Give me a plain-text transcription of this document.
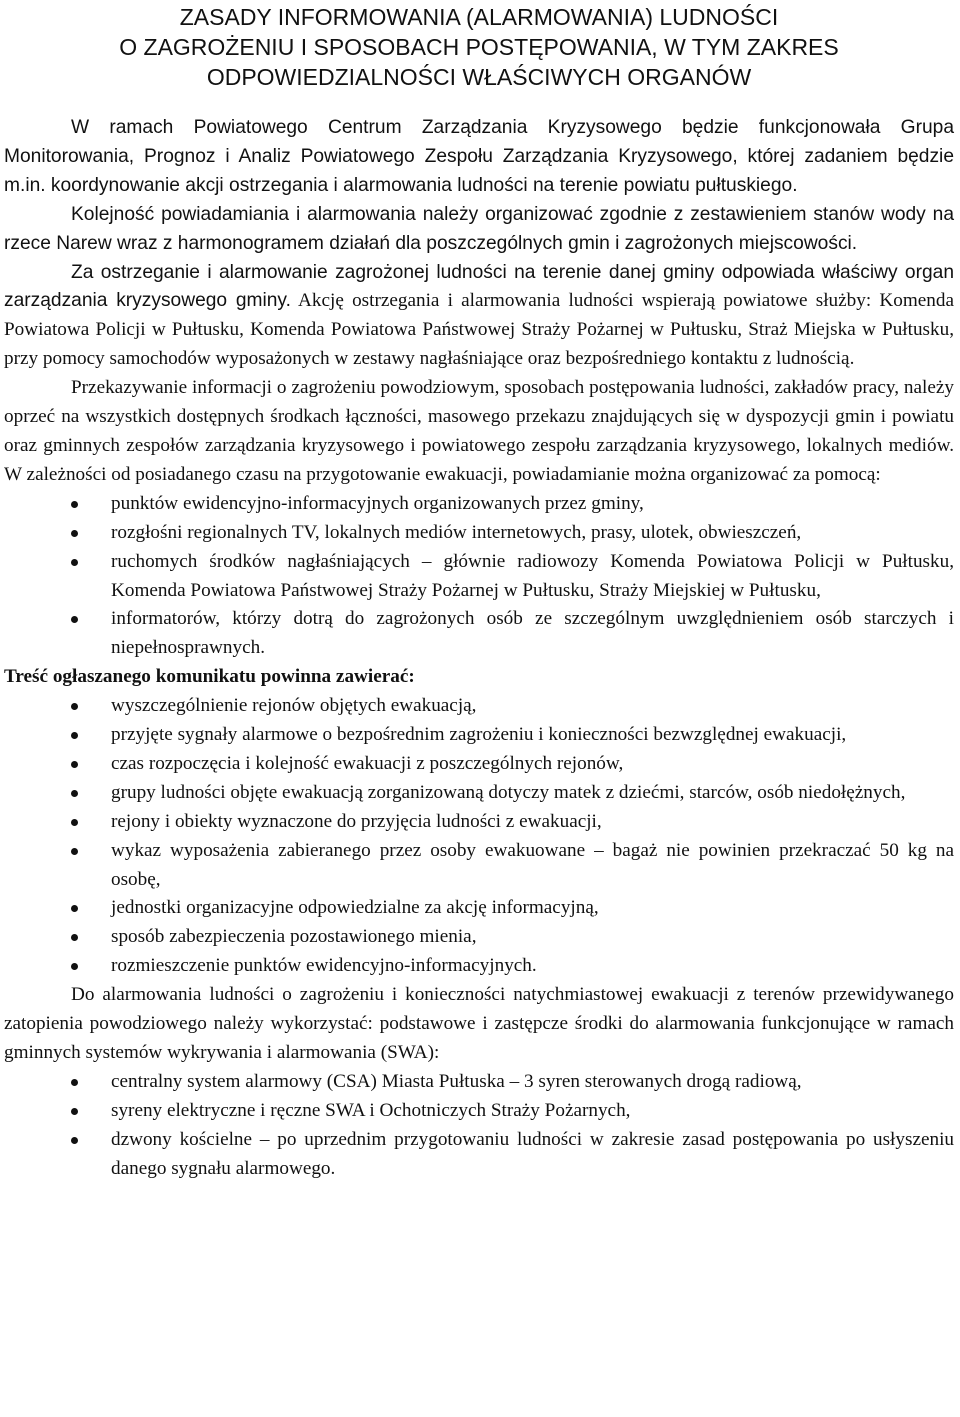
ZASADY INFORMOWANIA (ALARMOWANIA) LUDNOŚCI
O ZAGROŻENIU I SPOSOBACH POSTĘPOWANIA, W TYM ZAKRES
ODPOWIEDZIALNOŚCI WŁAŚCIWYCH ORGANÓW

W ramach Powiatowego Centrum Zarządzania Kryzysowego będzie funkcjonowała Grupa Monitorowania, Prognoz i Analiz Powiatowego Zespołu Zarządzania Kryzysowego, której zadaniem będzie m.in. koordynowanie akcji ostrzegania i alarmowania ludności na terenie powiatu pułtuskiego.

Kolejność powiadamiania i alarmowania należy organizować zgodnie z zestawieniem stanów wody na rzece Narew wraz z harmonogramem działań dla poszczególnych gmin i zagrożonych miejscowości.

Za ostrzeganie i alarmowanie zagrożonej ludności na terenie danej gminy odpowiada właściwy organ zarządzania kryzysowego gminy. Akcję ostrzegania i alarmowania ludności wspierają powiatowe służby: Komenda Powiatowa Policji w Pułtusku, Komenda Powiatowa Państwowej Straży Pożarnej w Pułtusku, Straż Miejska w Pułtusku, przy pomocy samochodów wyposażonych w zestawy nagłaśniające oraz bezpośredniego kontaktu z ludnością.

Przekazywanie informacji o zagrożeniu powodziowym, sposobach postępowania ludności, zakładów pracy, należy oprzeć na wszystkich dostępnych środkach łączności, masowego przekazu znajdujących się w dyspozycji gmin i powiatu oraz gminnych zespołów zarządzania kryzysowego i powiatowego zespołu zarządzania kryzysowego, lokalnych mediów. W zależności od posiadanego czasu na przygotowanie ewakuacji, powiadamianie można organizować za pomocą:

punktów ewidencyjno-informacyjnych organizowanych przez gminy,
rozgłośni regionalnych TV, lokalnych mediów internetowych, prasy, ulotek, obwieszczeń,
ruchomych środków nagłaśniających – głównie radiowozy Komenda Powiatowa Policji w Pułtusku, Komenda Powiatowa Państwowej Straży Pożarnej w Pułtusku, Straży Miejskiej w Pułtusku,
informatorów, którzy dotrą do zagrożonych osób ze szczególnym uwzględnieniem osób starczych i niepełnosprawnych.

Treść ogłaszanego komunikatu powinna zawierać:

wyszczególnienie rejonów objętych ewakuacją,
przyjęte sygnały alarmowe o bezpośrednim zagrożeniu i konieczności bezwzględnej ewakuacji,
czas rozpoczęcia i kolejność ewakuacji z poszczególnych rejonów,
grupy ludności objęte ewakuacją zorganizowaną dotyczy matek z dziećmi, starców, osób niedołężnych,
rejony i obiekty wyznaczone do przyjęcia ludności z ewakuacji,
wykaz wyposażenia zabieranego przez osoby ewakuowane – bagaż nie powinien przekraczać 50 kg na osobę,
jednostki organizacyjne odpowiedzialne za akcję informacyjną,
sposób zabezpieczenia pozostawionego mienia,
rozmieszczenie punktów ewidencyjno-informacyjnych.

Do alarmowania ludności o zagrożeniu i konieczności natychmiastowej ewakuacji z terenów przewidywanego zatopienia powodziowego należy wykorzystać: podstawowe i zastępcze środki do alarmowania funkcjonujące w ramach gminnych systemów wykrywania i alarmowania (SWA):

centralny system alarmowy (CSA) Miasta Pułtuska – 3 syren sterowanych drogą radiową,
syreny elektryczne i ręczne SWA i Ochotniczych Straży Pożarnych,
dzwony kościelne – po uprzednim przygotowaniu ludności w zakresie zasad postępowania po usłyszeniu danego sygnału alarmowego.
